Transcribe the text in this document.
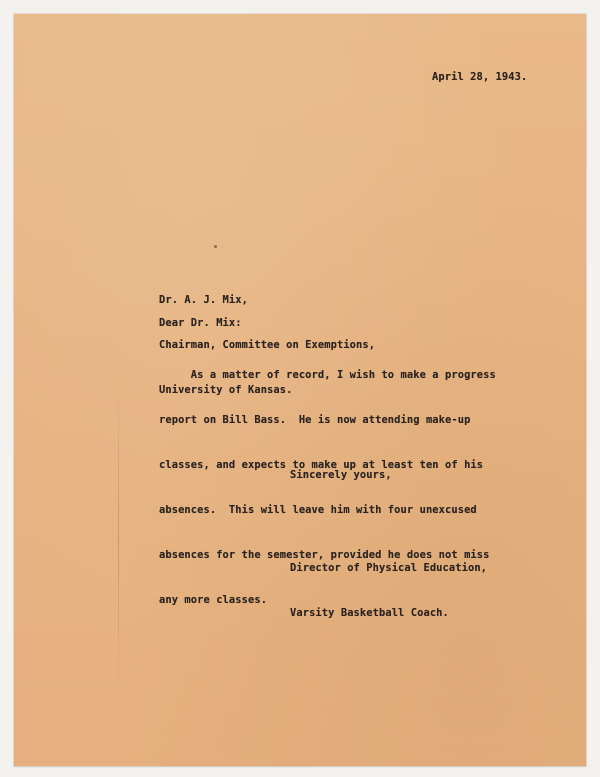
April 28, 1943.

Dr. A. J. Mix,

Chairman, Committee on Exemptions,

University of Kansas.

Dear Dr. Mix:

As a matter of record, I wish to make a progress

report on Bill Bass.  He is now attending make-up

classes, and expects to make up at least ten of his

absences.  This will leave him with four unexcused

absences for the semester, provided he does not miss

any more classes.

Sincerely yours,

Director of Physical Education,

Varsity Basketball Coach.
